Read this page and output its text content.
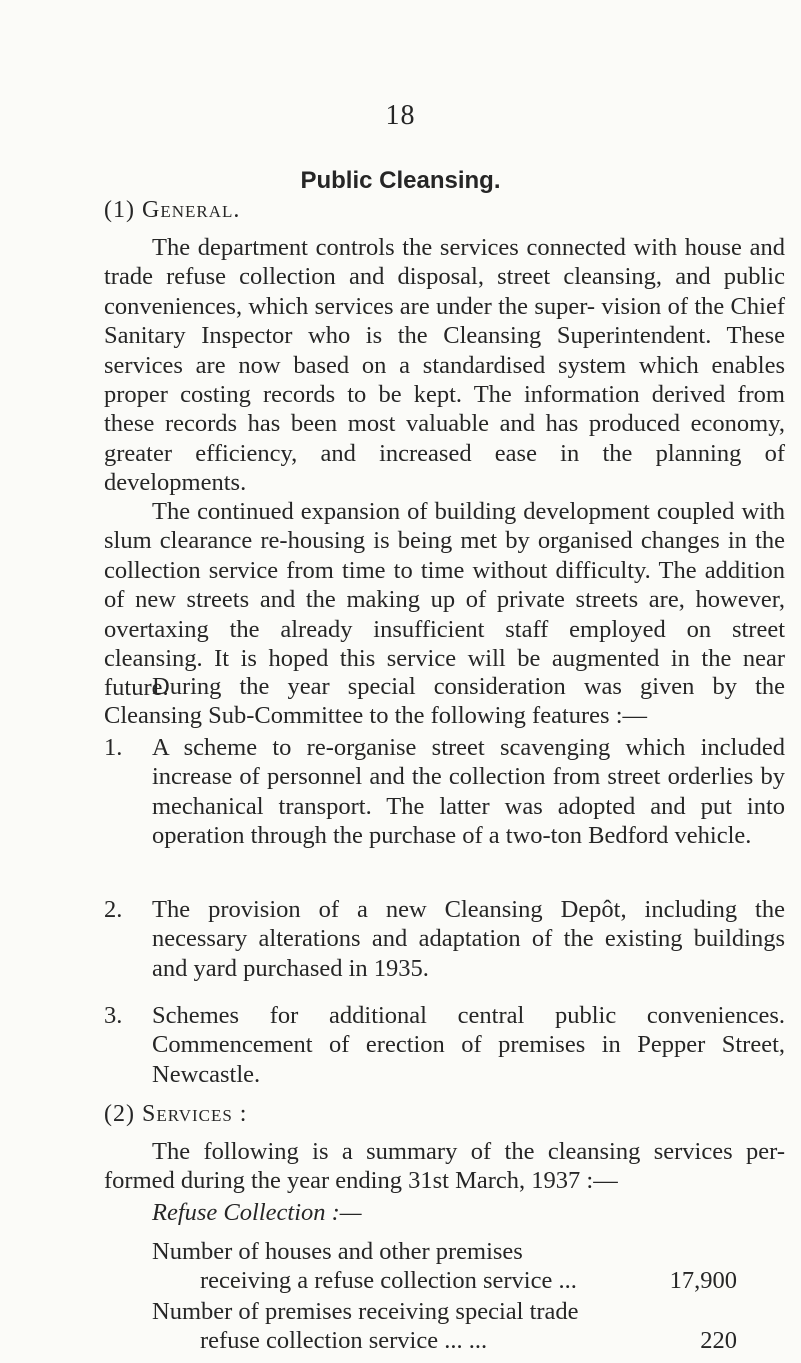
18
Public Cleansing.
(1) General.

The department controls the services connected with house and trade refuse collection and disposal, street cleansing, and public conveniences, which services are under the super- vision of the Chief Sanitary Inspector who is the Cleansing Superintendent. These services are now based on a standardised system which enables proper costing records to be kept. The information derived from these records has been most valuable and has produced economy, greater efficiency, and increased ease in the planning of developments.

The continued expansion of building development coupled with slum clearance re-housing is being met by organised changes in the collection service from time to time without difficulty. The addition of new streets and the making up of private streets are, however, overtaxing the already insufficient staff employed on street cleansing. It is hoped this service will be augmented in the near future.

During the year special consideration was given by the Cleansing Sub-Committee to the following features :—

1.	A scheme to re-organise street scavenging which included increase of personnel and the collection from street orderlies by mechanical transport. The latter was adopted and put into operation through the purchase of a two-ton Bedford vehicle.
2.	The provision of a new Cleansing Depôt, including the necessary alterations and adaptation of the existing buildings and yard purchased in 1935.
3.	Schemes for additional central public conveniences. Commencement of erection of premises in Pepper Street, Newcastle.
(2) Services :

The following is a summary of the cleansing services per- formed during the year ending 31st March, 1937 :—

Refuse Collection :—
Number of houses and other premises
receiving a refuse collection service ...	17,900
Number of premises receiving special trade
refuse collection service ... ...	220
